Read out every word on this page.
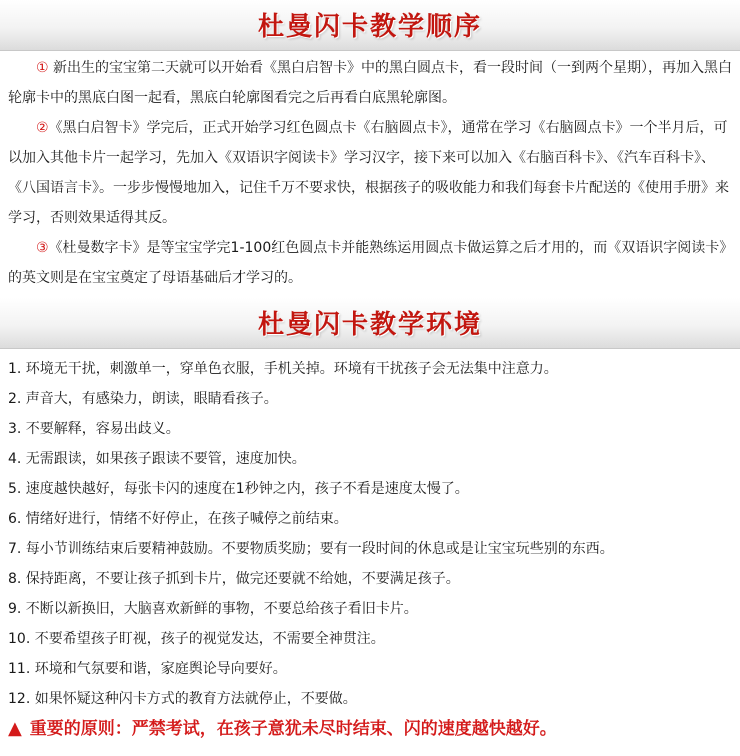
杜曼闪卡教学顺序

① 新出生的宝宝第二天就可以开始看《黑白启智卡》中的黑白圆点卡，看一段时间（一到两个星期），再加入黑白轮廓卡中的黑底白图一起看，黑底白轮廓图看完之后再看白底黑轮廓图。

②《黑白启智卡》学完后，正式开始学习红色圆点卡《右脑圆点卡》，通常在学习《右脑圆点卡》一个半月后，可以加入其他卡片一起学习，先加入《双语识字阅读卡》学习汉字，接下来可以加入《右脑百科卡》、《汽车百科卡》、《八国语言卡》。一步步慢慢地加入，记住千万不要求快，根据孩子的吸收能力和我们每套卡片配送的《使用手册》来学习，否则效果适得其反。

③《杜曼数字卡》是等宝宝学完1-100红色圆点卡并能熟练运用圆点卡做运算之后才用的，而《双语识字阅读卡》的英文则是在宝宝奠定了母语基础后才学习的。

杜曼闪卡教学环境
1. 环境无干扰，刺激单一，穿单色衣服，手机关掉。环境有干扰孩子会无法集中注意力。
2. 声音大，有感染力，朗读，眼睛看孩子。
3. 不要解释，容易出歧义。
4. 无需跟读，如果孩子跟读不要管，速度加快。
5. 速度越快越好，每张卡闪的速度在1秒钟之内，孩子不看是速度太慢了。
6. 情绪好进行，情绪不好停止，在孩子喊停之前结束。
7. 每小节训练结束后要精神鼓励。不要物质奖励；要有一段时间的休息或是让宝宝玩些别的东西。
8. 保持距离，不要让孩子抓到卡片，做完还要就不给她，不要满足孩子。
9. 不断以新换旧，大脑喜欢新鲜的事物，不要总给孩子看旧卡片。
10. 不要希望孩子盯视，孩子的视觉发达，不需要全神贯注。
11. 环境和气氛要和谐，家庭舆论导向要好。
12. 如果怀疑这种闪卡方式的教育方法就停止，不要做。
▲ 重要的原则：严禁考试，在孩子意犹未尽时结束、闪的速度越快越好。
